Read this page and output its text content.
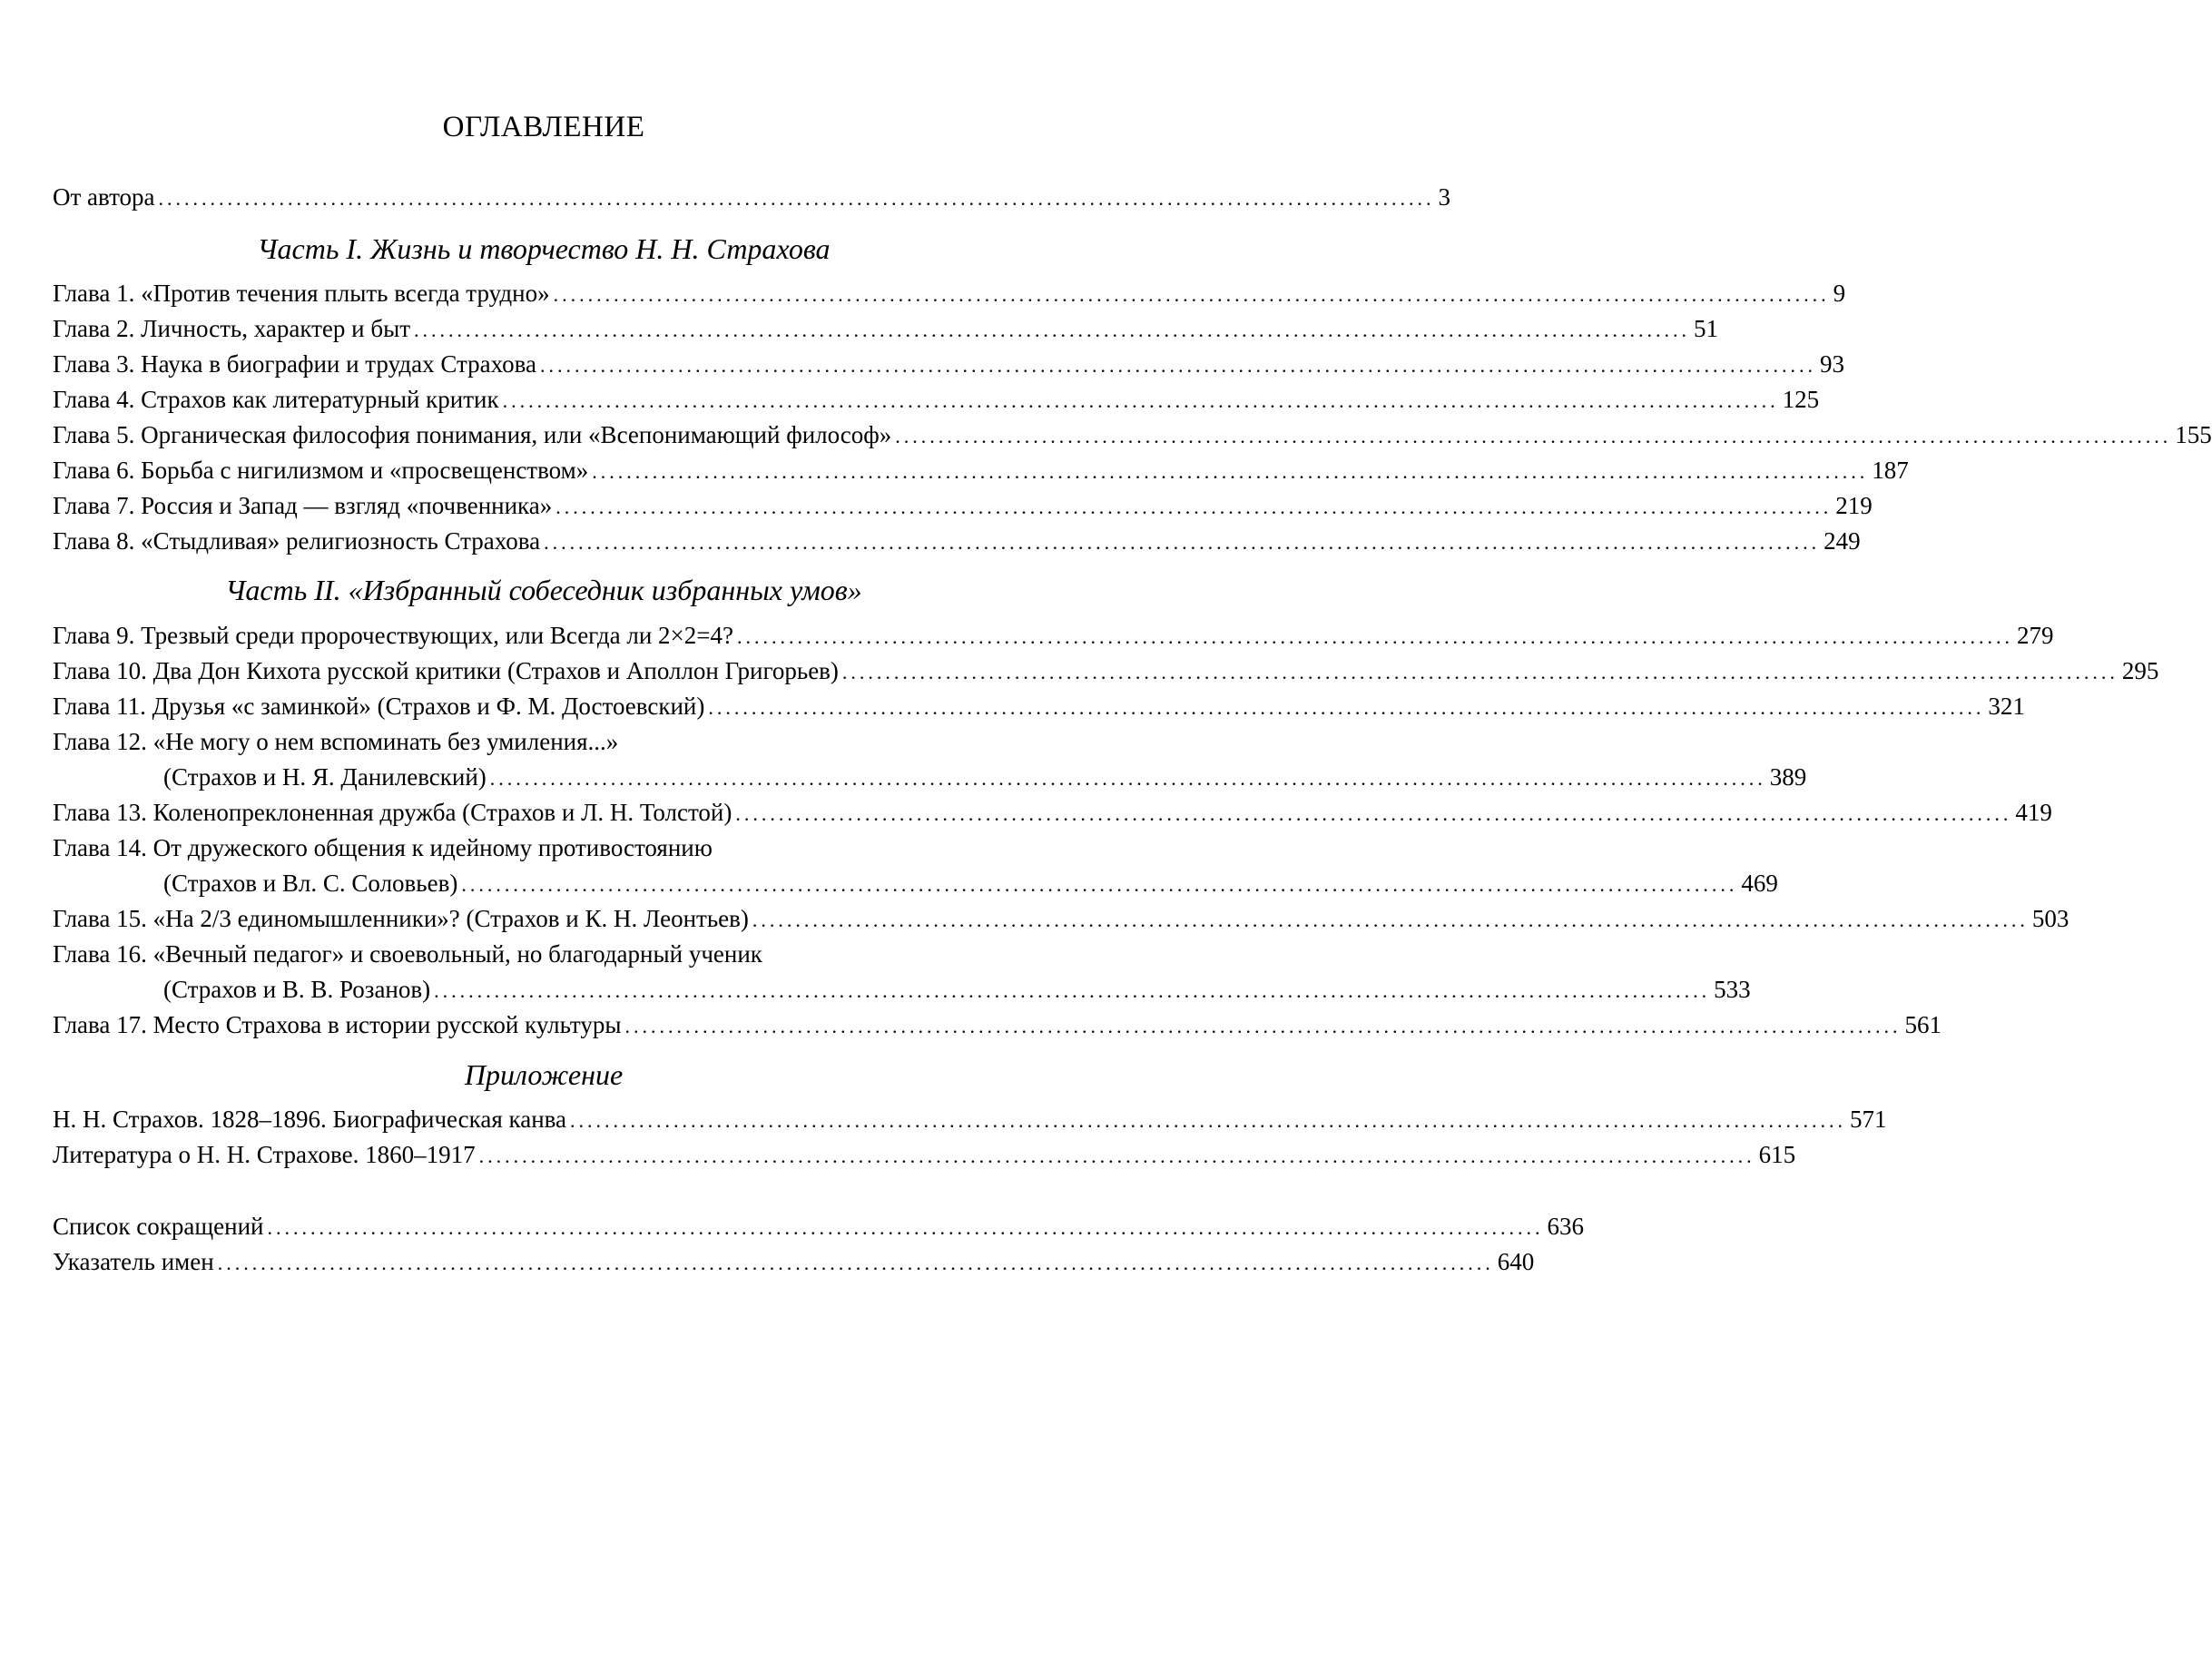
ОГЛАВЛЕНИЕ
От автора .................................................................................................................................................... 3
Часть I. Жизнь и творчество Н. Н. Страхова
Глава 1. «Против течения плыть всегда трудно» .................................................................................................................................................... 9
Глава 2. Личность, характер и быт .................................................................................................................................................... 51
Глава 3. Наука в биографии и трудах Страхова .................................................................................................................................................... 93
Глава 4. Страхов как литературный критик .................................................................................................................................................... 125
Глава 5. Органическая философия понимания, или «Всепонимающий философ» .................................................................................................................................................... 155
Глава 6. Борьба с нигилизмом и «просвещенством» .................................................................................................................................................... 187
Глава 7. Россия и Запад — взгляд «почвенника» .................................................................................................................................................... 219
Глава 8. «Стыдливая» религиозность Страхова .................................................................................................................................................... 249
Часть II. «Избранный собеседник избранных умов»
Глава 9. Трезвый среди пророчествующих, или Всегда ли 2×2=4? .................................................................................................................................................... 279
Глава 10. Два Дон Кихота русской критики (Страхов и Аполлон Григорьев) .................................................................................................................................................... 295
Глава 11. Друзья «с заминкой» (Страхов и Ф. М. Достоевский) .................................................................................................................................................... 321
Глава 12. «Не могу о нем вспоминать без умиления...»
(Страхов и Н. Я. Данилевский) .................................................................................................................................................... 389
Глава 13. Коленопреклоненная дружба (Страхов и Л. Н. Толстой) .................................................................................................................................................... 419
Глава 14. От дружеского общения к идейному противостоянию
(Страхов и Вл. С. Соловьев) .................................................................................................................................................... 469
Глава 15. «На 2/3 единомышленники»? (Страхов и К. Н. Леонтьев) .................................................................................................................................................... 503
Глава 16. «Вечный педагог» и своевольный, но благодарный ученик
(Страхов и В. В. Розанов) .................................................................................................................................................... 533
Глава 17. Место Страхова в истории русской культуры .................................................................................................................................................... 561
Приложение
Н. Н. Страхов. 1828–1896. Биографическая канва .................................................................................................................................................... 571
Литература о Н. Н. Страхове. 1860–1917 .................................................................................................................................................... 615
Список сокращений .................................................................................................................................................... 636
Указатель имен .................................................................................................................................................... 640
